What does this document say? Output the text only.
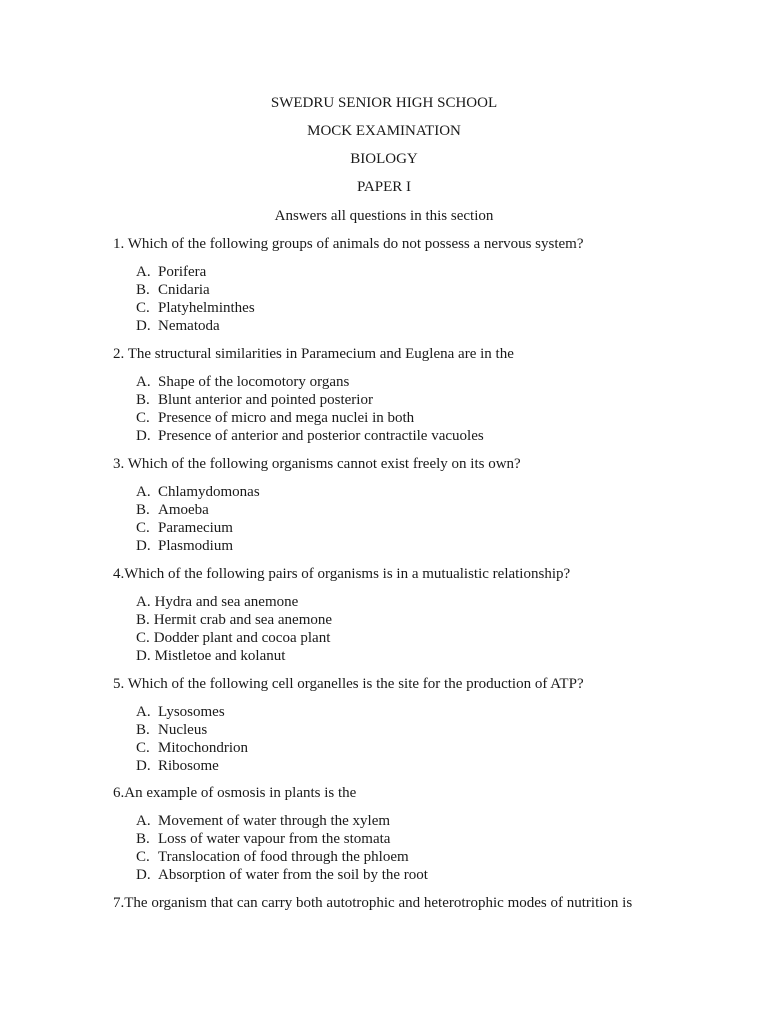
SWEDRU SENIOR HIGH SCHOOL
MOCK EXAMINATION
BIOLOGY
PAPER I
Answers all questions in this section
1. Which of the following groups of animals do not possess a nervous system?
A. Porifera
B. Cnidaria
C. Platyhelminthes
D. Nematoda
2. The structural similarities in Paramecium and Euglena are in the
A. Shape of the locomotory organs
B. Blunt anterior and pointed posterior
C. Presence of micro and mega nuclei in both
D. Presence of anterior and posterior contractile vacuoles
3. Which of the following organisms cannot exist freely on its own?
A. Chlamydomonas
B. Amoeba
C. Paramecium
D. Plasmodium
4.Which of the following pairs of organisms is in a mutualistic relationship?
A. Hydra and sea anemone
B. Hermit crab and sea anemone
C. Dodder plant and cocoa plant
D. Mistletoe and kolanut
5. Which of the following cell organelles is the site for the production of ATP?
A. Lysosomes
B. Nucleus
C. Mitochondrion
D. Ribosome
6.An example of osmosis in plants is the
A. Movement of water through the xylem
B. Loss of water vapour from the stomata
C. Translocation of food through the phloem
D. Absorption of water from the soil by the root
7.The organism that can carry both autotrophic and heterotrophic modes of nutrition is
